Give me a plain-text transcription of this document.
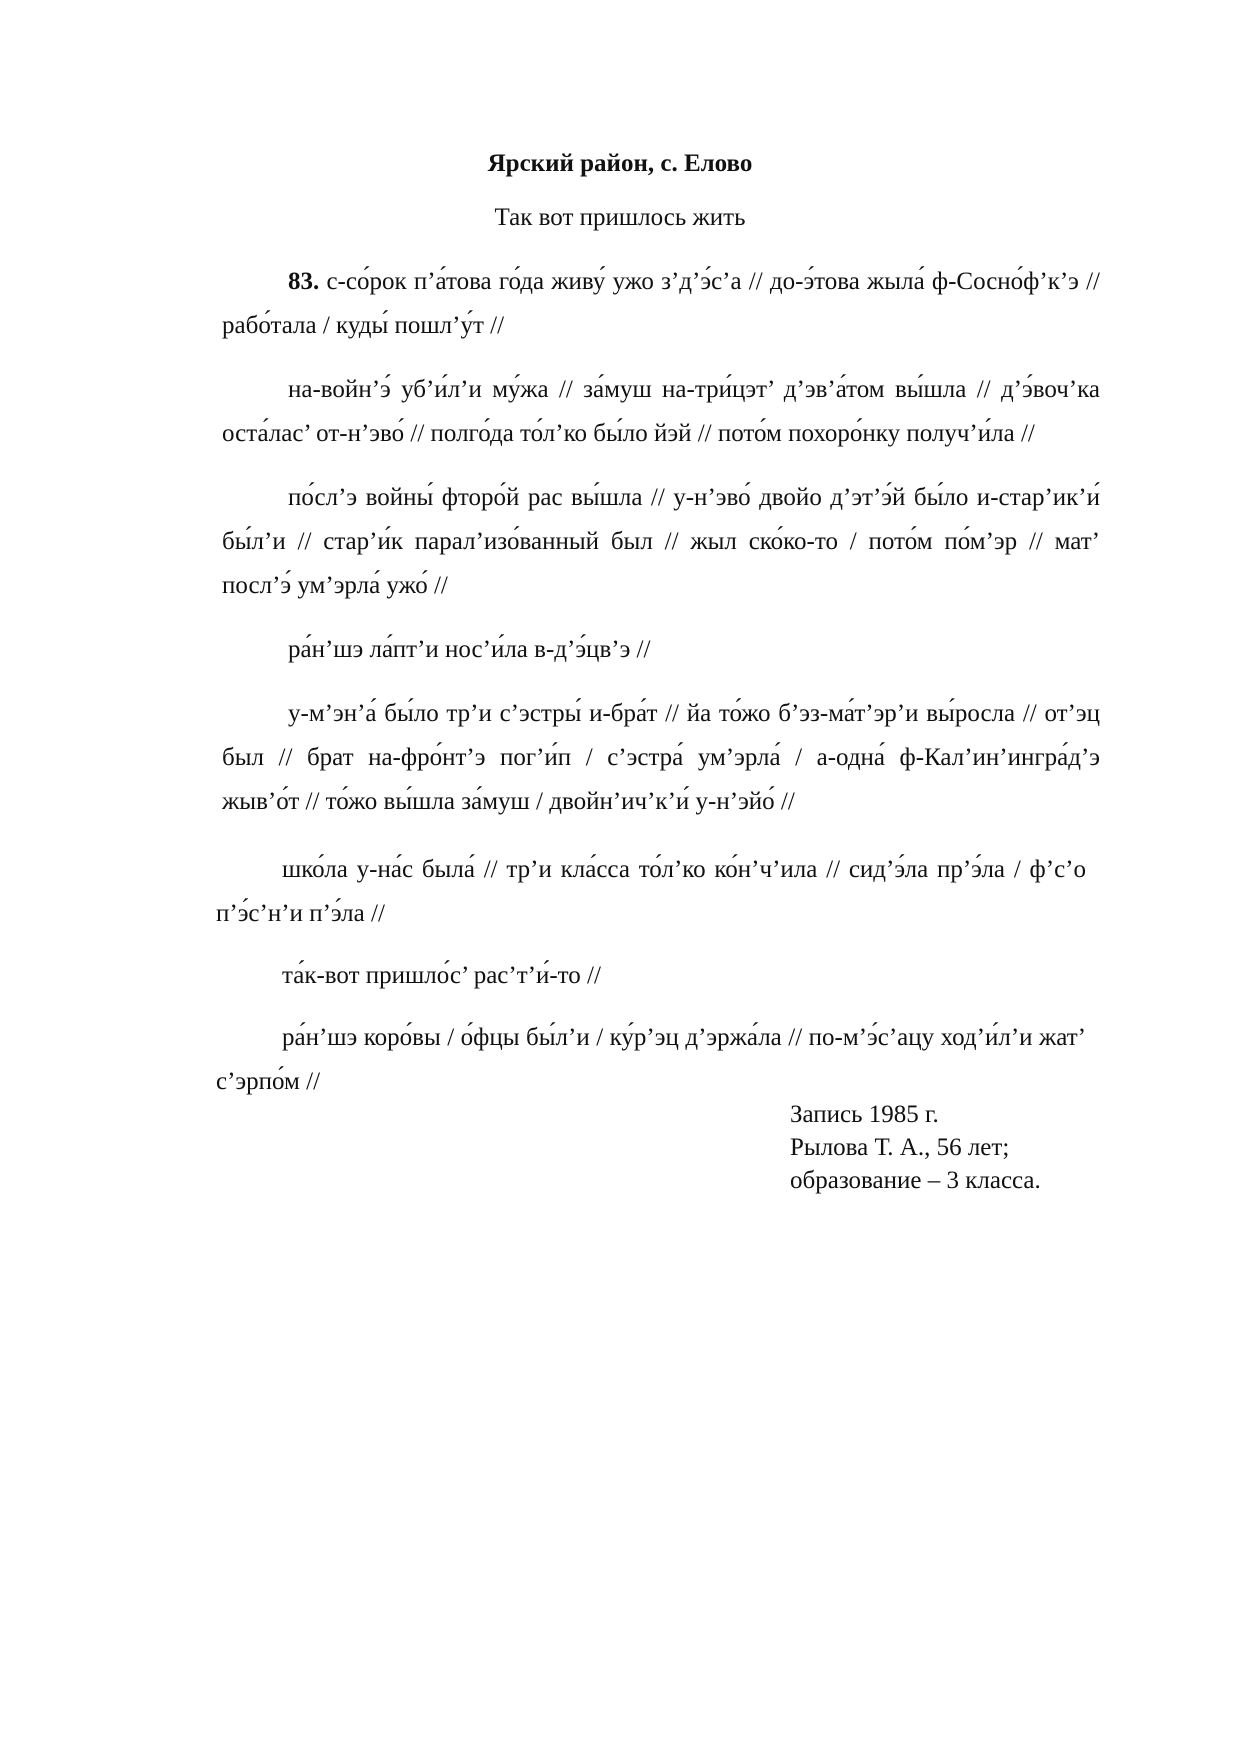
Ярский район, с. Елово
Так вот пришлось жить

83. с-со́рок п’а́това го́да живу́ ужо з’д’э́с’а // до-э́това жыла́ ф-Сосно́ф’к’э // рабо́тала / куды́ пошл’у́т //

на-войн’э́ уб’и́л’и му́жа // за́муш на-три́цэт’ д’эв’а́том вы́шла // д’э́воч’ка оста́лас’ от-н’эво́ // полго́да то́л’ко бы́ло йэй // пото́м похоро́нку получ’и́ла //

по́сл’э войны́ фторо́й рас вы́шла // у-н’эво́ двойо д’эт’э́й бы́ло и-стар’ик’и́ бы́л’и // стар’и́к парал’изо́ванный был // жыл ско́ко-то / пото́м по́м’эр // мат’ посл’э́ ум’эрла́ ужо́ //

ра́н’шэ ла́пт’и нос’и́ла в-д’э́цв’э //

у-м’эн’а́ бы́ло тр’и с’эстры́ и-бра́т // йа то́жо б’эз-ма́т’эр’и вы́росла // от’эц был // брат на-фро́нт’э пог’и́п / с’эстра́ ум’эрла́ / а-одна́ ф-Кал’ин’ингра́д’э жыв’о́т // то́жо вы́шла за́муш / двойн’ич’к’и́ у-н’эйо́ //

шко́ла у-на́с была́ // тр’и кла́сса то́л’ко ко́н’ч’ила // сид’э́ла пр’э́ла / ф’с’о п’э́с’н’и п’э́ла //

та́к-вот пришло́с’ рас’т’и́-то //

ра́н’шэ коро́вы / о́фцы бы́л’и / ку́р’эц д’эржа́ла // по-м’э́с’ацу ход’и́л’и жат’ с’эрпо́м //

Запись 1985 г.
Рылова Т. А., 56 лет;
образование – 3 класса.
